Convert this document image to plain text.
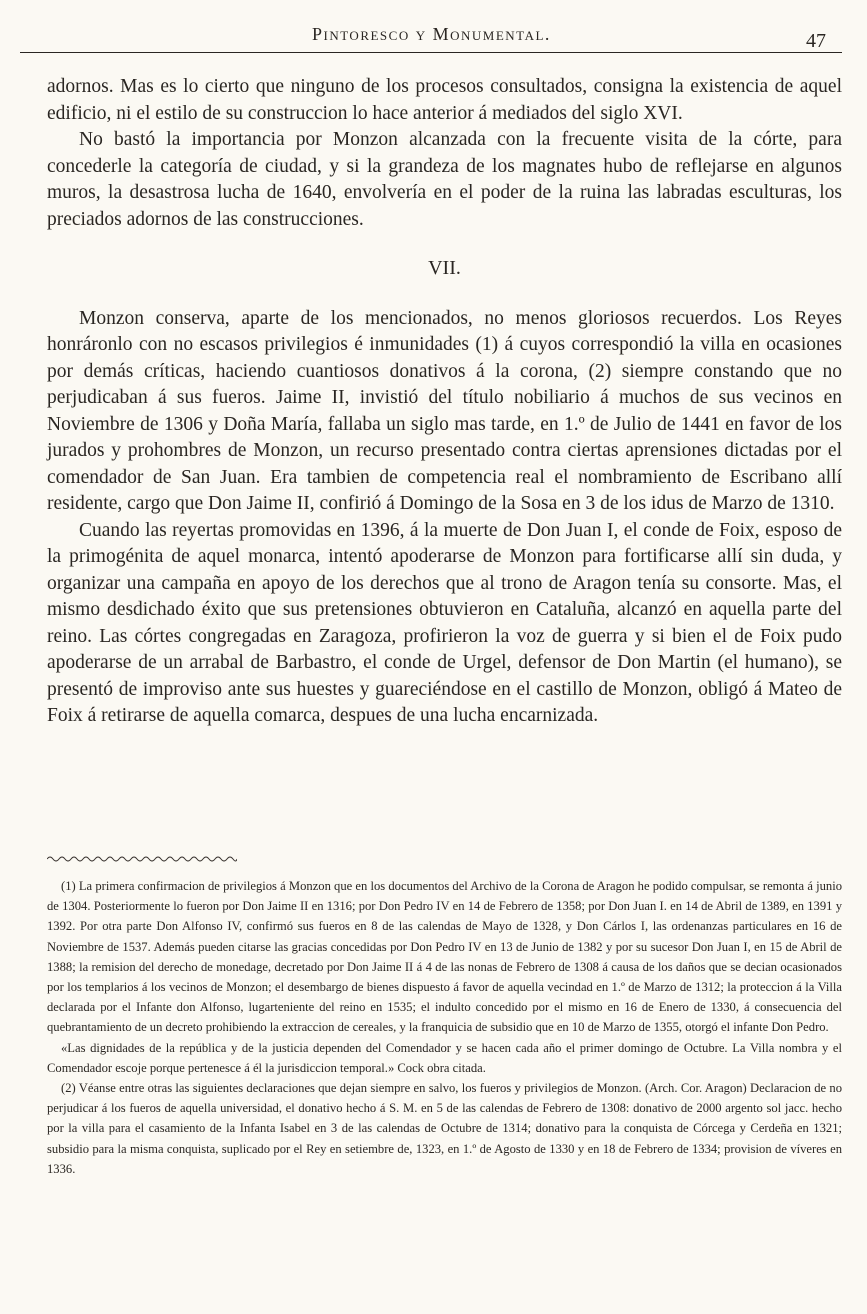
Pintoresco y Monumental.	47

adornos. Mas es lo cierto que ninguno de los procesos consultados, consigna la existencia de aquel edificio, ni el estilo de su construccion lo hace anterior á mediados del siglo XVI.

No bastó la importancia por Monzon alcanzada con la frecuente visita de la córte, para concederle la categoría de ciudad, y si la grandeza de los magnates hubo de reflejarse en algunos muros, la desastrosa lucha de 1640, envolvería en el poder de la ruina las labradas esculturas, los preciados adornos de las construcciones.

VII.

Monzon conserva, aparte de los mencionados, no menos gloriosos recuerdos. Los Reyes honráronlo con no escasos privilegios é inmunidades (1) á cuyos correspondió la villa en ocasiones por demás críticas, haciendo cuantiosos donativos á la corona, (2) siempre constando que no perjudicaban á sus fueros. Jaime II, invistió del título nobiliario á muchos de sus vecinos en Noviembre de 1306 y Doña María, fallaba un siglo mas tarde, en 1.º de Julio de 1441 en favor de los jurados y prohombres de Monzon, un recurso presentado contra ciertas aprensiones dictadas por el comendador de San Juan. Era tambien de competencia real el nombramiento de Escribano allí residente, cargo que Don Jaime II, confirió á Domingo de la Sosa en 3 de los idus de Marzo de 1310.

Cuando las reyertas promovidas en 1396, á la muerte de Don Juan I, el conde de Foix, esposo de la primogénita de aquel monarca, intentó apoderarse de Monzon para fortificarse allí sin duda, y organizar una campaña en apoyo de los derechos que al trono de Aragon tenía su consorte. Mas, el mismo desdichado éxito que sus pretensiones obtuvieron en Cataluña, alcanzó en aquella parte del reino. Las córtes congregadas en Zaragoza, profirieron la voz de guerra y si bien el de Foix pudo apoderarse de un arrabal de Barbastro, el conde de Urgel, defensor de Don Martin (el humano), se presentó de improviso ante sus huestes y guareciéndose en el castillo de Monzon, obligó á Mateo de Foix á retirarse de aquella comarca, despues de una lucha encarnizada.

(1) La primera confirmacion de privilegios á Monzon que en los documentos del Archivo de la Corona de Aragon he podido compulsar, se remonta á junio de 1304. Posteriormente lo fueron por Don Jaime II en 1316; por Don Pedro IV en 14 de Febrero de 1358; por Don Juan I. en 14 de Abril de 1389, en 1391 y 1392. Por otra parte Don Alfonso IV, confirmó sus fueros en 8 de las calendas de Mayo de 1328, y Don Cárlos I, las ordenanzas particulares en 16 de Noviembre de 1537. Además pueden citarse las gracias concedidas por Don Pedro IV en 13 de Junio de 1382 y por su sucesor Don Juan I, en 15 de Abril de 1388; la remision del derecho de monedage, decretado por Don Jaime II á 4 de las nonas de Febrero de 1308 á causa de los daños que se decian ocasionados por los templarios á los vecinos de Monzon; el desembargo de bienes dispuesto á favor de aquella vecindad en 1.º de Marzo de 1312; la proteccion á la Villa declarada por el Infante don Alfonso, lugarteniente del reino en 1535; el indulto concedido por el mismo en 16 de Enero de 1330, á consecuencia del quebrantamiento de un decreto prohibiendo la extraccion de cereales, y la franquicia de subsidio que en 10 de Marzo de 1355, otorgó el infante Don Pedro.

«Las dignidades de la república y de la justicia dependen del Comendador y se hacen cada año el primer domingo de Octubre. La Villa nombra y el Comendador escoje porque pertenesce á él la jurisdiccion temporal.» Cock obra citada.

(2) Véanse entre otras las siguientes declaraciones que dejan siempre en salvo, los fueros y privilegios de Monzon. (Arch. Cor. Aragon) Declaracion de no perjudicar á los fueros de aquella universidad, el donativo hecho á S. M. en 5 de las calendas de Febrero de 1308: donativo de 2000 argento sol jacc. hecho por la villa para el casamiento de la Infanta Isabel en 3 de las calendas de Octubre de 1314; donativo para la conquista de Córcega y Cerdeña en 1321; subsidio para la misma conquista, suplicado por el Rey en setiembre de, 1323, en 1.º de Agosto de 1330 y en 18 de Febrero de 1334; provision de víveres en 1336.
